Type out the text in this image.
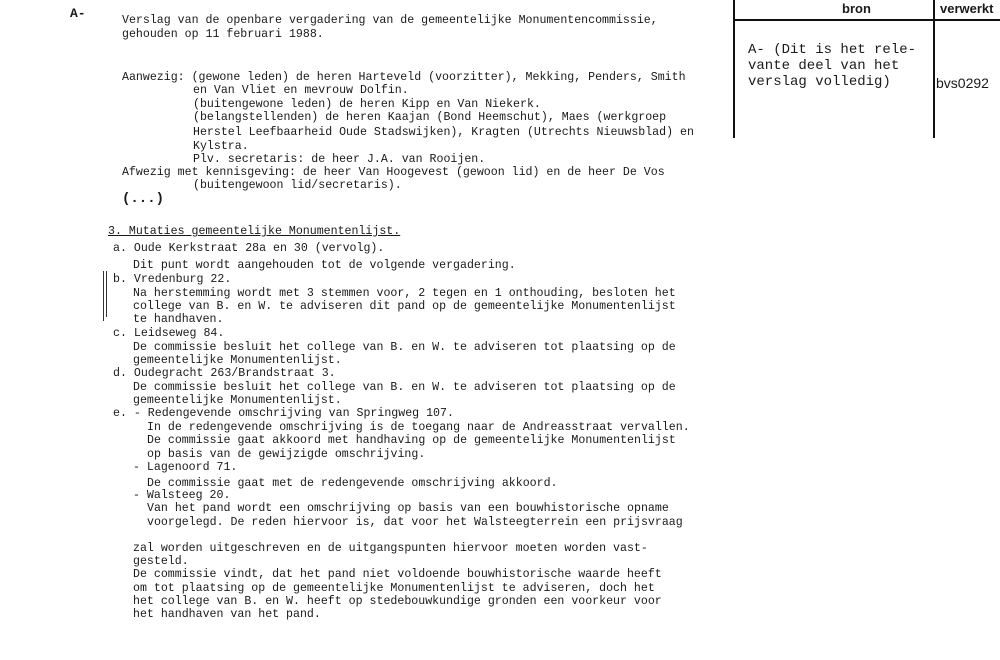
A-	Verslag van de openbare vergadering van de gemeentelijke Monumentencommissie,
gehouden op 11 februari 1988.
Aanwezig: (gewone leden) de heren Harteveld (voorzitter), Mekking, Penders, Smith
en Van Vliet en mevrouw Dolfin.
(buitengewone leden) de heren Kipp en Van Niekerk.
(belangstellenden) de heren Kaajan (Bond Heemschut), Maes (werkgroep
Herstel Leefbaarheid Oude Stadswijken), Kragten (Utrechts Nieuwsblad) en
Kylstra.
Plv. secretaris: de heer J.A. van Rooijen.
Afwezig met kennisgeving: de heer Van Hoogevest (gewoon lid) en de heer De Vos
(buitengewoon lid/secretaris).
(...)
3. Mutaties gemeentelijke Monumentenlijst.
a. Oude Kerkstraat 28a en 30 (vervolg).
Dit punt wordt aangehouden tot de volgende vergadering.
b. Vredenburg 22.
Na herstemming wordt met 3 stemmen voor, 2 tegen en 1 onthouding, besloten het
college van B. en W. te adviseren dit pand op de gemeentelijke Monumentenlijst
te handhaven.
c. Leidseweg 84.
De commissie besluit het college van B. en W. te adviseren tot plaatsing op de
gemeentelijke Monumentenlijst.
d. Oudegracht 263/Brandstraat 3.
De commissie besluit het college van B. en W. te adviseren tot plaatsing op de
gemeentelijke Monumentenlijst.
e. - Redengevende omschrijving van Springweg 107.
In de redengevende omschrijving is de toegang naar de Andreasstraat vervallen.
De commissie gaat akkoord met handhaving op de gemeentelijke Monumentenlijst
op basis van de gewijzigde omschrijving.
- Lagenoord 71.
De commissie gaat met de redengevende omschrijving akkoord.
- Walsteeg 20.
Van het pand wordt een omschrijving op basis van een bouwhistorische opname
voorgelegd. De reden hiervoor is, dat voor het Walsteegterrein een prijsvraag
zal worden uitgeschreven en de uitgangspunten hiervoor moeten worden vast-
gesteld.
De commissie vindt, dat het pand niet voldoende bouwhistorische waarde heeft
om tot plaatsing op de gemeentelijke Monumentenlijst te adviseren, doch het
het college van B. en W. heeft op stedebouwkundige gronden een voorkeur voor
het handhaven van het pand.
bron	verwerkt
A- (Dit is het rele-
vante deel van het
verslag volledig)	bvs0292
